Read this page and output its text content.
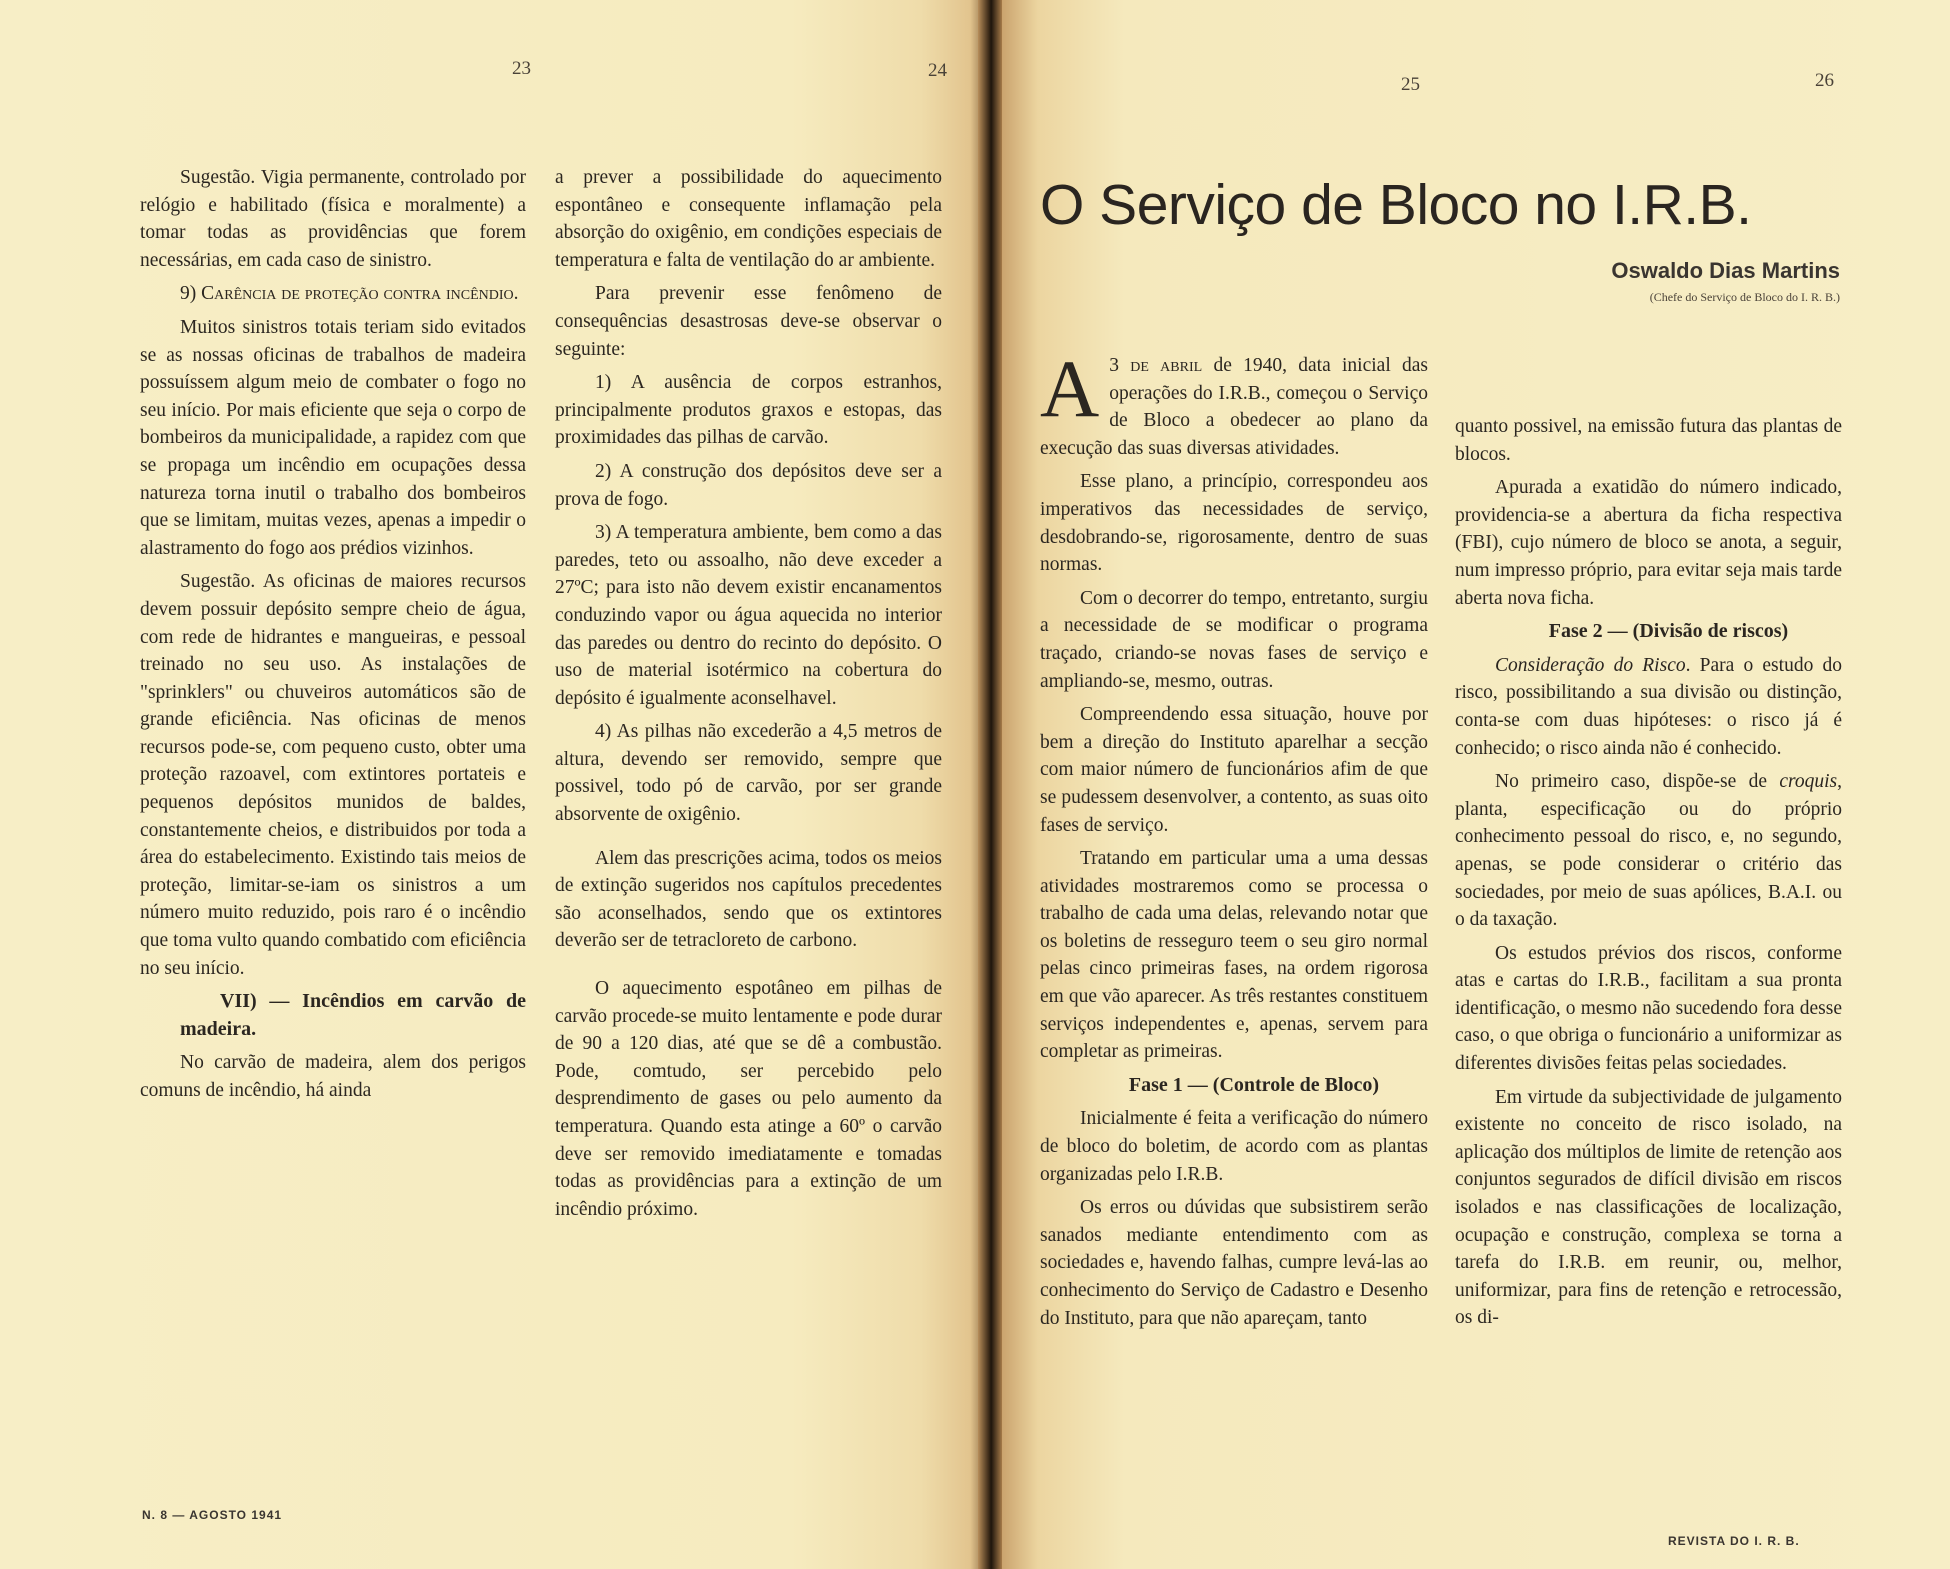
23	24
25	26

Sugestão. Vigia permanente, controlado por relógio e habilitado (física e moralmente) a tomar todas as providências que forem necessárias, em cada caso de sinistro.

9) Carência de proteção contra incêndio.

Muitos sinistros totais teriam sido evitados se as nossas oficinas de trabalhos de madeira possuíssem algum meio de combater o fogo no seu início. Por mais eficiente que seja o corpo de bombeiros da municipalidade, a rapidez com que se propaga um incêndio em ocupações dessa natureza torna inutil o trabalho dos bombeiros que se limitam, muitas vezes, apenas a impedir o alastramento do fogo aos prédios vizinhos.

Sugestão. As oficinas de maiores recursos devem possuir depósito sempre cheio de água, com rede de hidrantes e mangueiras, e pessoal treinado no seu uso. As instalações de "sprinklers" ou chuveiros automáticos são de grande eficiência. Nas oficinas de menos recursos pode-se, com pequeno custo, obter uma proteção razoavel, com extintores portateis e pequenos depósitos munidos de baldes, constantemente cheios, e distribuidos por toda a área do estabelecimento. Existindo tais meios de proteção, limitar-se-iam os sinistros a um número muito reduzido, pois raro é o incêndio que toma vulto quando combatido com eficiência no seu início.

VII) — Incêndios em carvão de madeira.

No carvão de madeira, alem dos perigos comuns de incêndio, há ainda

a prever a possibilidade do aquecimento espontâneo e consequente inflamação pela absorção do oxigênio, em condições especiais de temperatura e falta de ventilação do ar ambiente.

Para prevenir esse fenômeno de consequências desastrosas deve-se observar o seguinte:

1) A ausência de corpos estranhos, principalmente produtos graxos e estopas, das proximidades das pilhas de carvão.

2) A construção dos depósitos deve ser a prova de fogo.

3) A temperatura ambiente, bem como a das paredes, teto ou assoalho, não deve exceder a 27ºC; para isto não devem existir encanamentos conduzindo vapor ou água aquecida no interior das paredes ou dentro do recinto do depósito. O uso de material isotérmico na cobertura do depósito é igualmente aconselhavel.

4) As pilhas não excederão a 4,5 metros de altura, devendo ser removido, sempre que possivel, todo pó de carvão, por ser grande absorvente de oxigênio.

Alem das prescrições acima, todos os meios de extinção sugeridos nos capítulos precedentes são aconselhados, sendo que os extintores deverão ser de tetracloreto de carbono.

O aquecimento espotâneo em pilhas de carvão procede-se muito lentamente e pode durar de 90 a 120 dias, até que se dê a combustão. Pode, comtudo, ser percebido pelo desprendimento de gases ou pelo aumento da temperatura. Quando esta atinge a 60º o carvão deve ser removido imediatamente e tomadas todas as providências para a extinção de um incêndio próximo.

O Serviço de Bloco no I.R.B.
Oswaldo Dias Martins
(Chefe do Serviço de Bloco do I. R. B.)

A 3 de abril de 1940, data inicial das operações do I.R.B., começou o Serviço de Bloco a obedecer ao plano da execução das suas diversas atividades.

Esse plano, a princípio, correspondeu aos imperativos das necessidades de serviço, desdobrando-se, rigorosamente, dentro de suas normas.

Com o decorrer do tempo, entretanto, surgiu a necessidade de se modificar o programa traçado, criando-se novas fases de serviço e ampliando-se, mesmo, outras.

Compreendendo essa situação, houve por bem a direção do Instituto aparelhar a secção com maior número de funcionários afim de que se pudessem desenvolver, a contento, as suas oito fases de serviço.

Tratando em particular uma a uma dessas atividades mostraremos como se processa o trabalho de cada uma delas, relevando notar que os boletins de resseguro teem o seu giro normal pelas cinco primeiras fases, na ordem rigorosa em que vão aparecer. As três restantes constituem serviços independentes e, apenas, servem para completar as primeiras.

Fase 1 — (Controle de Bloco)

Inicialmente é feita a verificação do número de bloco do boletim, de acordo com as plantas organizadas pelo I.R.B.

Os erros ou dúvidas que subsistirem serão sanados mediante entendimento com as sociedades e, havendo falhas, cumpre levá-las ao conhecimento do Serviço de Cadastro e Desenho do Instituto, para que não apareçam, tanto

quanto possivel, na emissão futura das plantas de blocos.

Apurada a exatidão do número indicado, providencia-se a abertura da ficha respectiva (FBI), cujo número de bloco se anota, a seguir, num impresso próprio, para evitar seja mais tarde aberta nova ficha.

Fase 2 — (Divisão de riscos)

Consideração do Risco. Para o estudo do risco, possibilitando a sua divisão ou distinção, conta-se com duas hipóteses: o risco já é conhecido; o risco ainda não é conhecido.

No primeiro caso, dispõe-se de croquis, planta, especificação ou do próprio conhecimento pessoal do risco, e, no segundo, apenas, se pode considerar o critério das sociedades, por meio de suas apólices, B.A.I. ou o da taxação.

Os estudos prévios dos riscos, conforme atas e cartas do I.R.B., facilitam a sua pronta identificação, o mesmo não sucedendo fora desse caso, o que obriga o funcionário a uniformizar as diferentes divisões feitas pelas sociedades.

Em virtude da subjectividade de julgamento existente no conceito de risco isolado, na aplicação dos múltiplos de limite de retenção aos conjuntos segurados de difícil divisão em riscos isolados e nas classificações de localização, ocupação e construção, complexa se torna a tarefa do I.R.B. em reunir, ou, melhor, uniformizar, para fins de retenção e retrocessão, os di-

N. 8 — AGOSTO 1941
REVISTA DO I. R. B.
